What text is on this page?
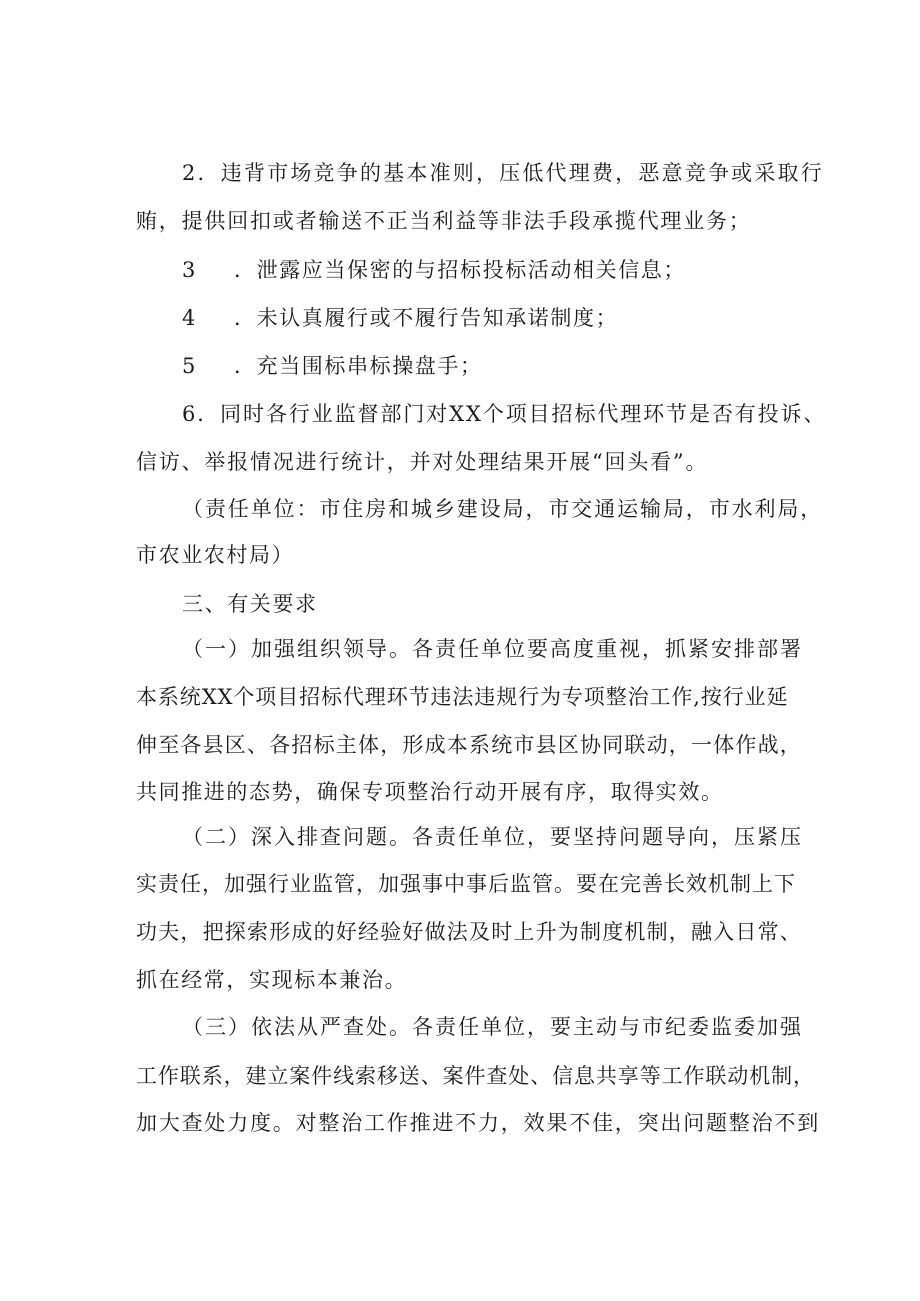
2．违背市场竞争的基本准则，压低代理费，恶意竞争或采取行
贿，提供回扣或者输送不正当利益等非法手段承揽代理业务；
3 ．泄露应当保密的与招标投标活动相关信息；
4 ．未认真履行或不履行告知承诺制度；
5 ．充当围标串标操盘手；
6．同时各行业监督部门对XX个项目招标代理环节是否有投诉、
信访、举报情况进行统计，并对处理结果开展“回头看”。
（责任单位：市住房和城乡建设局，市交通运输局，市水利局，
市农业农村局）
三、有关要求
（一）加强组织领导。各责任单位要高度重视，抓紧安排部署
本系统XX个项目招标代理环节违法违规行为专项整治工作,按行业延
伸至各县区、各招标主体，形成本系统市县区协同联动，一体作战，
共同推进的态势，确保专项整治行动开展有序，取得实效。
（二）深入排查问题。各责任单位，要坚持问题导向，压紧压
实责任，加强行业监管，加强事中事后监管。要在完善长效机制上下
功夫，把探索形成的好经验好做法及时上升为制度机制，融入日常、
抓在经常，实现标本兼治。
（三）依法从严查处。各责任单位，要主动与市纪委监委加强
工作联系，建立案件线索移送、案件查处、信息共享等工作联动机制，
加大查处力度。对整治工作推进不力，效果不佳，突出问题整治不到
